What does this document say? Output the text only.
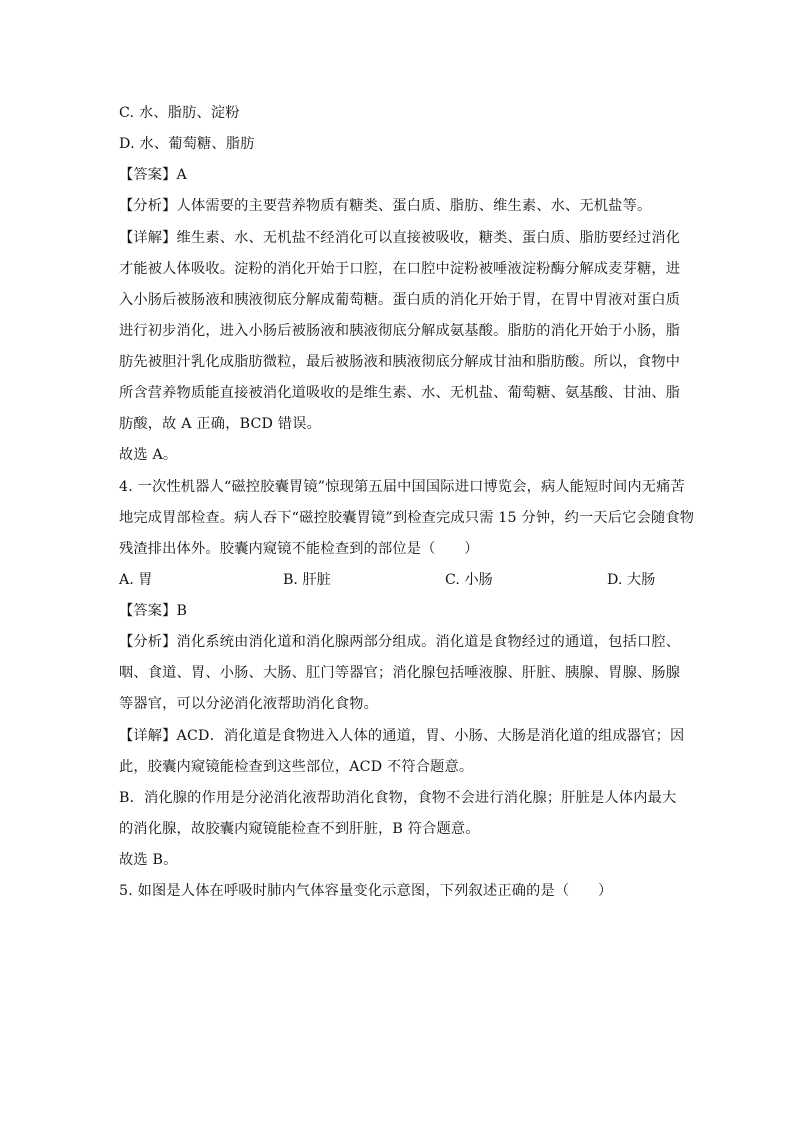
C. 水、脂肪、淀粉
D. 水、葡萄糖、脂肪
【答案】A
【分析】人体需要的主要营养物质有糖类、蛋白质、脂肪、维生素、水、无机盐等。
【详解】维生素、水、无机盐不经消化可以直接被吸收，糖类、蛋白质、脂肪要经过消化
才能被人体吸收。淀粉的消化开始于口腔，在口腔中淀粉被唾液淀粉酶分解成麦芽糖，进
入小肠后被肠液和胰液彻底分解成葡萄糖。蛋白质的消化开始于胃，在胃中胃液对蛋白质
进行初步消化，进入小肠后被肠液和胰液彻底分解成氨基酸。脂肪的消化开始于小肠，脂
肪先被胆汁乳化成脂肪微粒，最后被肠液和胰液彻底分解成甘油和脂肪酸。所以，食物中
所含营养物质能直接被消化道吸收的是维生素、水、无机盐、葡萄糖、氨基酸、甘油、脂
肪酸，故 A 正确，BCD 错误。
故选 A。
4. 一次性机器人“磁控胶囊胃镜”惊现第五届中国国际进口博览会，病人能短时间内无痛苦
地完成胃部检查。病人吞下“磁控胶囊胃镜”到检查完成只需 15 分钟，约一天后它会随食物
残渣排出体外。胶囊内窥镜不能检查到的部位是（　　）
A. 胃	B. 肝脏	C. 小肠	D. 大肠
【答案】B
【分析】消化系统由消化道和消化腺两部分组成。消化道是食物经过的通道，包括口腔、
咽、食道、胃、小肠、大肠、肛门等器官；消化腺包括唾液腺、肝脏、胰腺、胃腺、肠腺
等器官，可以分泌消化液帮助消化食物。
【详解】ACD．消化道是食物进入人体的通道，胃、小肠、大肠是消化道的组成器官；因
此，胶囊内窥镜能检查到这些部位，ACD 不符合题意。
B．消化腺的作用是分泌消化液帮助消化食物，食物不会进行消化腺；肝脏是人体内最大
的消化腺，故胶囊内窥镜能检查不到肝脏，B 符合题意。
故选 B。
5. 如图是人体在呼吸时肺内气体容量变化示意图，下列叙述正确的是（　　）
